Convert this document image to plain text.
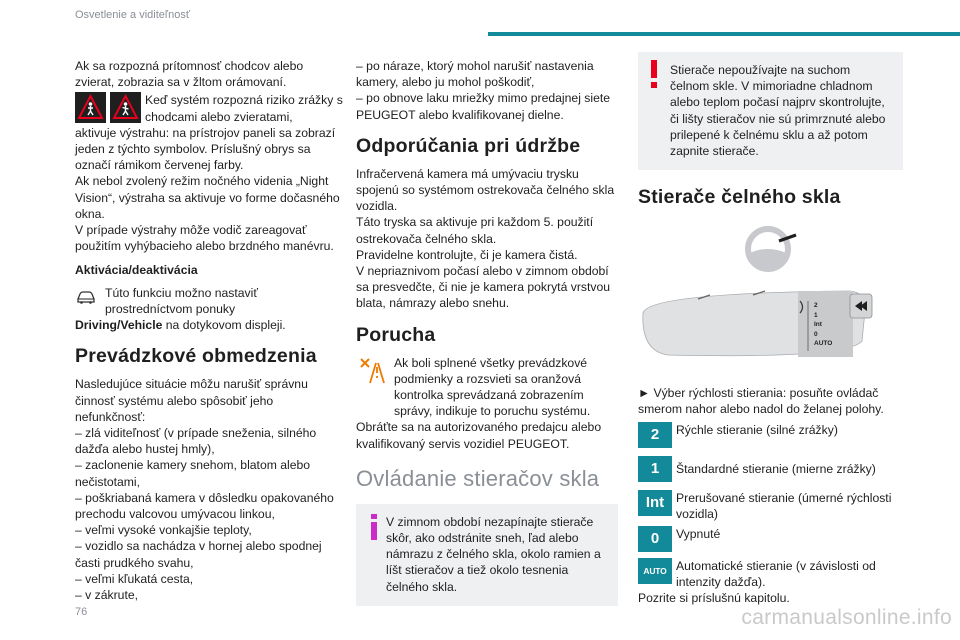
Osvetlenie a viditeľnosť
Ak sa rozpozná prítomnosť chodcov alebo zvierat, zobrazia sa v žltom orámovaní.
Keď systém rozpozná riziko zrážky s chodcami alebo zvieratami,
aktivuje výstrahu: na prístrojov paneli sa zobrazí jeden z týchto symbolov. Príslušný obrys sa označí rámikom červenej farby.
Ak nebol zvolený režim nočného videnia „Night Vision“, výstraha sa aktivuje vo forme dočasného okna.
V prípade výstrahy môže vodič zareagovať použitím vyhýbacieho alebo brzdného manévru.
Aktivácia/deaktivácia
Túto funkciu možno nastaviť prostredníctvom ponuky
Driving/Vehicle na dotykovom displeji.
Prevádzkové obmedzenia
Nasledujúce situácie môžu narušiť správnu činnosť systému alebo spôsobiť jeho nefunkčnosť:
– zlá viditeľnosť (v prípade sneženia, silného dažďa alebo hustej hmly),
– zaclonenie kamery snehom, blatom alebo nečistotami,
– poškriabaná kamera v dôsledku opakovaného prechodu valcovou umývacou linkou,
– veľmi vysoké vonkajšie teploty,
– vozidlo sa nachádza v hornej alebo spodnej časti prudkého svahu,
– veľmi kľukatá cesta,
– v zákrute,
– po náraze, ktorý mohol narušiť nastavenia kamery, alebo ju mohol poškodiť,
– po obnove laku mriežky mimo predajnej siete PEUGEOT alebo kvalifikovanej dielne.
Odporúčania pri údržbe
Infračervená kamera má umývaciu trysku spojenú so systémom ostrekovača čelného skla vozidla.
Táto tryska sa aktivuje pri každom 5. použití ostrekovača čelného skla.
Pravidelne kontrolujte, či je kamera čistá.
V nepriaznivom počasí alebo v zimnom období sa presvedčte, či nie je kamera pokrytá vrstvou blata, námrazy alebo snehu.
Porucha
Ak boli splnené všetky prevádzkové podmienky a rozsvieti sa oranžová kontrolka sprevádzaná zobrazením správy, indikuje to poruchu systému.
Obráťte sa na autorizovaného predajcu alebo kvalifikovaný servis vozidiel PEUGEOT.
Ovládanie stieračov skla
V zimnom období nezapínajte stierače skôr, ako odstránite sneh, ľad alebo námrazu z čelného skla, okolo ramien a líšt stieračov a tiež okolo tesnenia čelného skla.
Stierače nepoužívajte na suchom čelnom skle. V mimoriadne chladnom alebo teplom počasí najprv skontrolujte, či lišty stieračov nie sú primrznuté alebo prilepené k čelnému sklu a až potom zapnite stierače.
Stierače čelného skla
2
1
Int
0
AUTO
► Výber rýchlosti stierania: posuňte ovládač smerom nahor alebo nadol do želanej polohy.
2	Rýchle stieranie (silné zrážky)
1	Štandardné stieranie (mierne zrážky)
Int Prerušované stieranie (úmerné rýchlosti vozidla)
0	Vypnuté
AUTO Automatické stieranie (v závislosti od intenzity dažďa).
Pozrite si príslušnú kapitolu.
76	carmanualsonline.info
